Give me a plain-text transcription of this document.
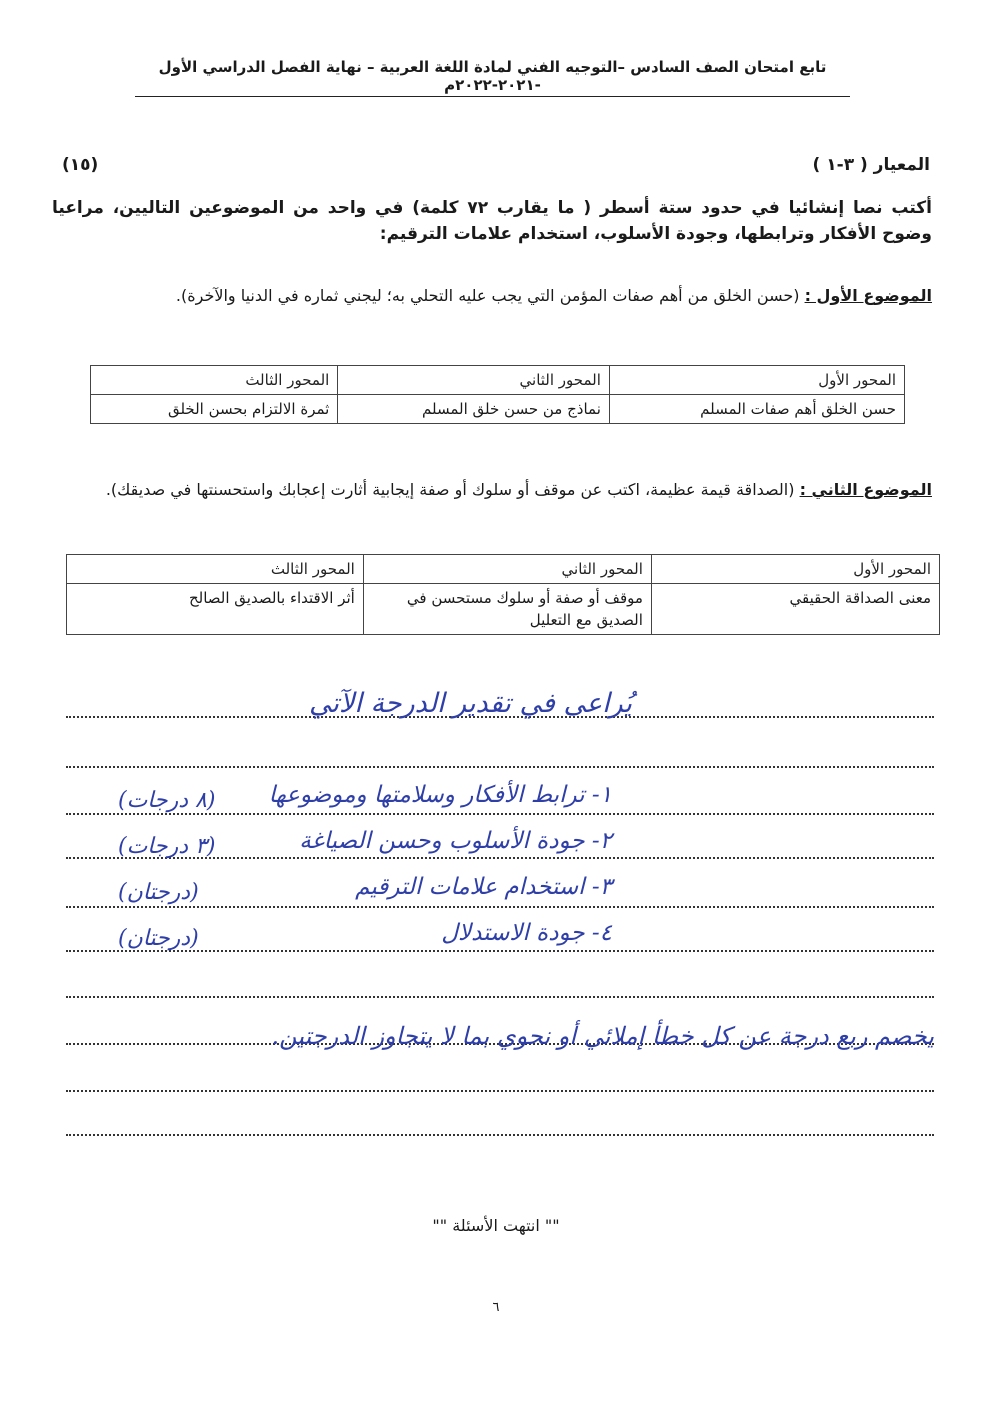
تابع امتحان الصف السادس –التوجيه الفني لمادة اللغة العربية – نهاية الفصل الدراسي الأول -٢٠٢١-٢٠٢٢م
المعيار ( ٣-١ )
(١٥)
أكتب نصا إنشائيا في حدود ستة أسطر ( ما يقارب ٧٢ كلمة) في واحد من الموضوعين التاليين، مراعيا وضوح الأفكار وترابطها، وجودة الأسلوب، استخدام علامات الترقيم:
الموضوع الأول : (حسن الخلق من أهم صفات المؤمن التي يجب عليه التحلي به؛ ليجني ثماره في الدنيا والآخرة).
المحور الأول	المحور الثاني	المحور الثالث
حسن الخلق أهم صفات المسلم	نماذج من حسن خلق المسلم	ثمرة الالتزام بحسن الخلق
الموضوع الثاني : (الصداقة قيمة عظيمة، اكتب عن موقف أو سلوك أو صفة إيجابية أثارت إعجابك واستحسنتها في صديقك).
المحور الأول	المحور الثاني	المحور الثالث
معنى الصداقة الحقيقي	موقف أو صفة أو سلوك مستحسن في الصديق مع التعليل	أثر الاقتداء بالصديق الصالح
يُراعى في تقدير الدرجة الآتي
١- ترابط الأفكار وسلامتها وموضوعها
(٨ درجات)
٢- جودة الأسلوب وحسن الصياغة
(٣ درجات)
٣- استخدام علامات الترقيم
(درجتان)
٤- جودة الاستدلال
(درجتان)
يخصم ربع درجة عن كل خطأ إملائي أو نحوي بما لا يتجاوز الدرجتين.
"" انتهت الأسئلة ""
٦
